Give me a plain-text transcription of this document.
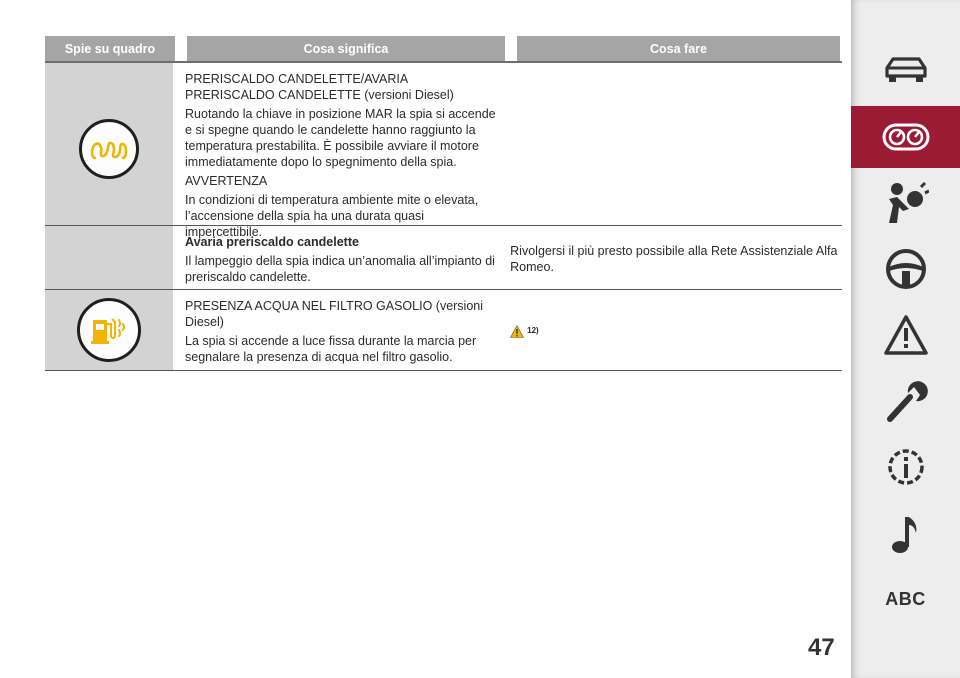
Spie su quadro	Cosa significa	Cosa fare

PRERISCALDO CANDELETTE/AVARIA PRERISCALDO CANDELETTE (versioni Diesel)

Ruotando la chiave in posizione MAR la spia si accende e si spegne quando le candelette hanno raggiunto la temperatura prestabilita. È possibile avviare il motore immediatamente dopo lo spegnimento della spia.

AVVERTENZA

In condizioni di temperatura ambiente mite o elevata, l’accensione della spia ha una durata quasi impercettibile.

Avaria preriscaldo candelette

Il lampeggio della spia indica un’anomalia all’impianto di preriscaldo candelette.

Rivolgersi il più presto possibile alla Rete Assistenziale Alfa Romeo.

PRESENZA ACQUA NEL FILTRO GASOLIO (versioni Diesel)

La spia si accende a luce fissa durante la marcia per segnalare la presenza di acqua nel filtro gasolio.

12)
47
ABC
